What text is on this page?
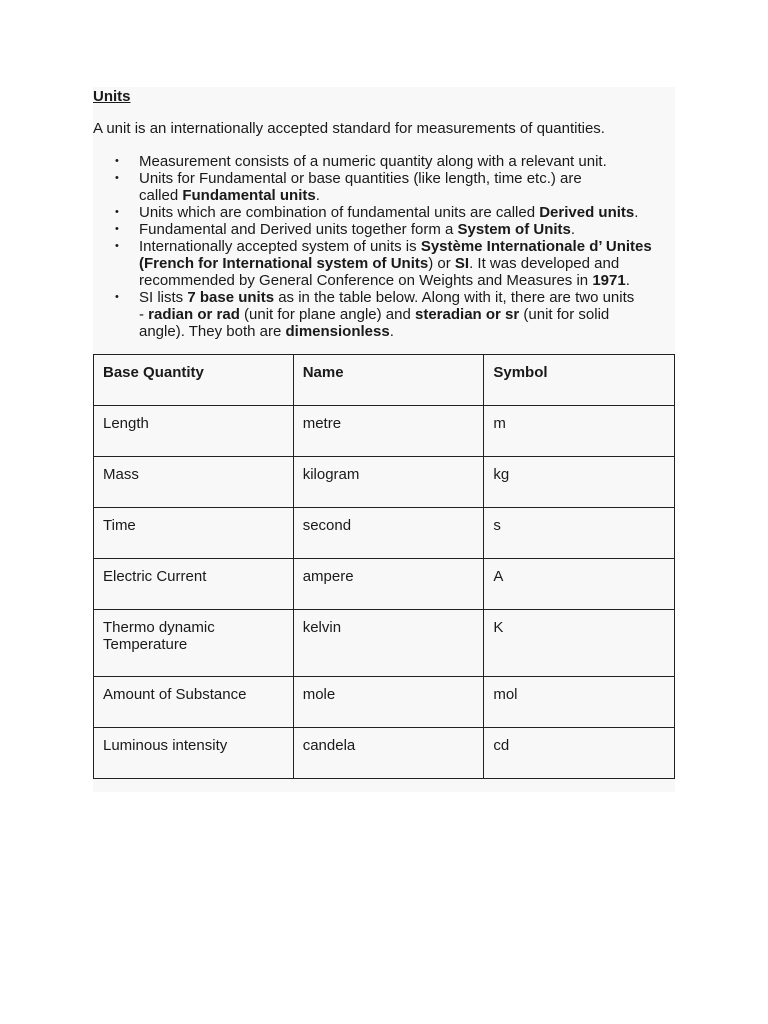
Units
A unit is an internationally accepted standard for measurements of quantities.
• Measurement consists of a numeric quantity along with a relevant unit.
• Units for Fundamental or base quantities (like length, time etc.) are
called Fundamental units.
• Units which are combination of fundamental units are called Derived units.
• Fundamental and Derived units together form a System of Units.
• Internationally accepted system of units is Système Internationale d’ Unites
(French for International system of Units) or SI. It was developed and
recommended by General Conference on Weights and Measures in 1971.
• SI lists 7 base units as in the table below. Along with it, there are two units
- radian or rad (unit for plane angle) and steradian or sr (unit for solid
angle). They both are dimensionless.
Base Quantity	Name	Symbol
Length	metre	m
Mass	kilogram	kg
Time	second	s
Electric Current	ampere	A
Thermo dynamic
Temperature	kelvin	K
Amount of Substance	mole	mol
Luminous intensity	candela	cd
